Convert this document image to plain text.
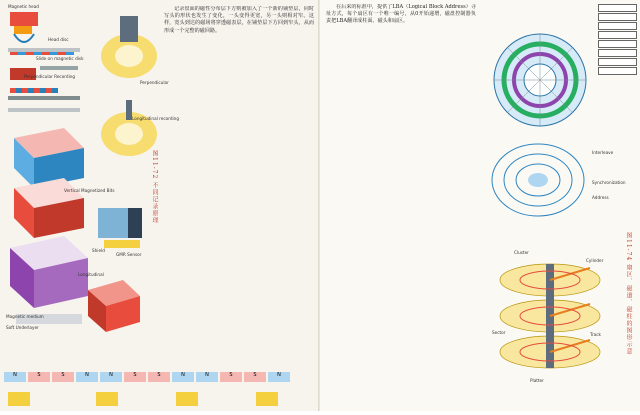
Magnetic head
Head disc
Slide on magnetic disk
Perpendicular Recording
Vertical Magnetized Bits
Magnetic medium
Soft Underlayer
Longitudinal
Shield
GMR Sensor
图11-72 不同记录原理
Perpendicular
Longitudinal recording

记录盘面的磁性分布层下方则被加入了一个新的铺垫层，同时写头的形状也发生了变化，一头变得更宽，另一头则相对窄。这样，宽头到达的磁场将穿透磁表层，在铺垫层下方回到窄头，从而形成一个完整的磁回路。

N	S	S	N	N	S	S	N	N	S	S	N

在后来的标准中，提供了LBA（Logical Block Address）寻址方式，每个扇区有一个唯一编号，从0开始递增，磁盘控制器负责把LBA翻译成柱面、磁头和扇区。

Interleave
Synchronization
Address
图11-74 扇区、磁道、磁柱的图形示意
Cluster
Cylinder
Sector	Track
Platter
